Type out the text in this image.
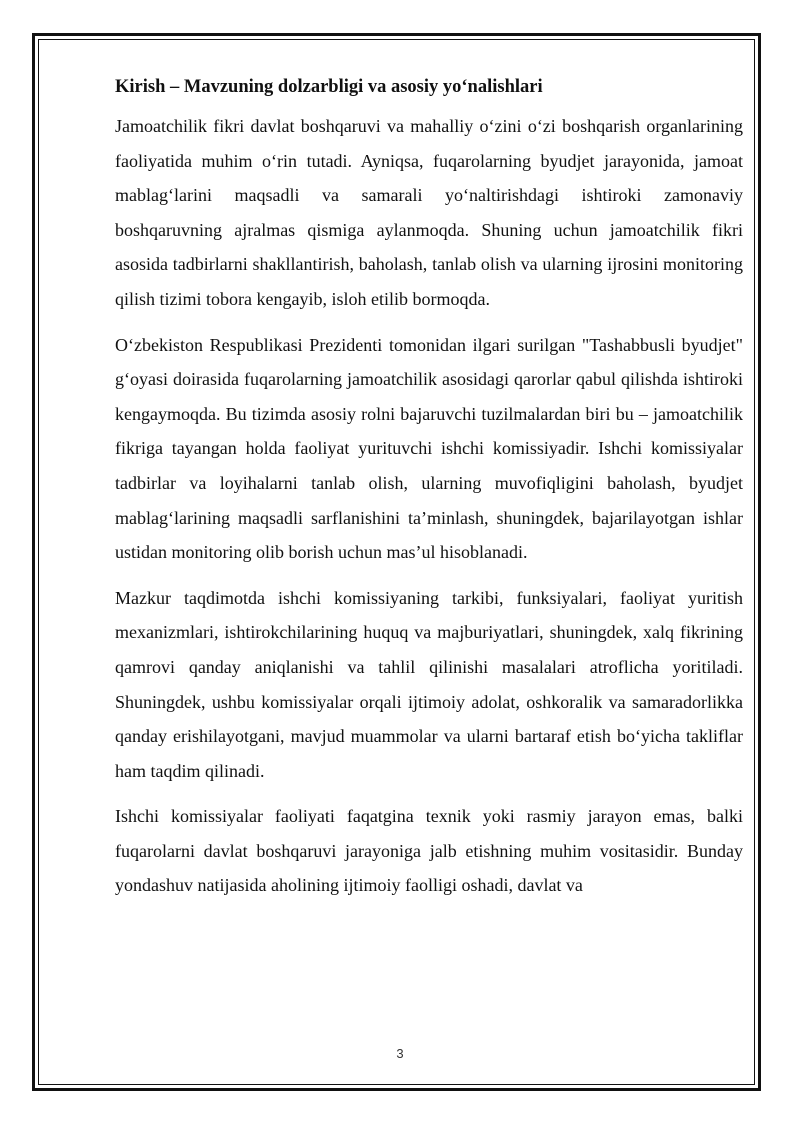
Kirish – Mavzuning dolzarbligi va asosiy yo‘nalishlari

Jamoatchilik fikri davlat boshqaruvi va mahalliy o‘zini o‘zi boshqarish organlarining faoliyatida muhim o‘rin tutadi. Ayniqsa, fuqarolarning byudjet jarayonida, jamoat mablag‘larini maqsadli va samarali yo‘naltirishdagi ishtiroki zamonaviy boshqaruvning ajralmas qismiga aylanmoqda. Shuning uchun jamoatchilik fikri asosida tadbirlarni shakllantirish, baholash, tanlab olish va ularning ijrosini monitoring qilish tizimi tobora kengayib, isloh etilib bormoqda.

O‘zbekiston Respublikasi Prezidenti tomonidan ilgari surilgan "Tashabbusli byudjet" g‘oyasi doirasida fuqarolarning jamoatchilik asosidagi qarorlar qabul qilishda ishtiroki kengaymoqda. Bu tizimda asosiy rolni bajaruvchi tuzilmalardan biri bu – jamoatchilik fikriga tayangan holda faoliyat yurituvchi ishchi komissiyadir. Ishchi komissiyalar tadbirlar va loyihalarni tanlab olish, ularning muvofiqligini baholash, byudjet mablag‘larining maqsadli sarflanishini ta’minlash, shuningdek, bajarilayotgan ishlar ustidan monitoring olib borish uchun mas’ul hisoblanadi.

Mazkur taqdimotda ishchi komissiyaning tarkibi, funksiyalari, faoliyat yuritish mexanizmlari, ishtirokchilarining huquq va majburiyatlari, shuningdek, xalq fikrining qamrovi qanday aniqlanishi va tahlil qilinishi masalalari atroflicha yoritiladi. Shuningdek, ushbu komissiyalar orqali ijtimoiy adolat, oshkoralik va samaradorlikka qanday erishilayotgani, mavjud muammolar va ularni bartaraf etish bo‘yicha takliflar ham taqdim qilinadi.

Ishchi komissiyalar faoliyati faqatgina texnik yoki rasmiy jarayon emas, balki fuqarolarni davlat boshqaruvi jarayoniga jalb etishning muhim vositasidir. Bunday yondashuv natijasida aholining ijtimoiy faolligi oshadi, davlat va

3
